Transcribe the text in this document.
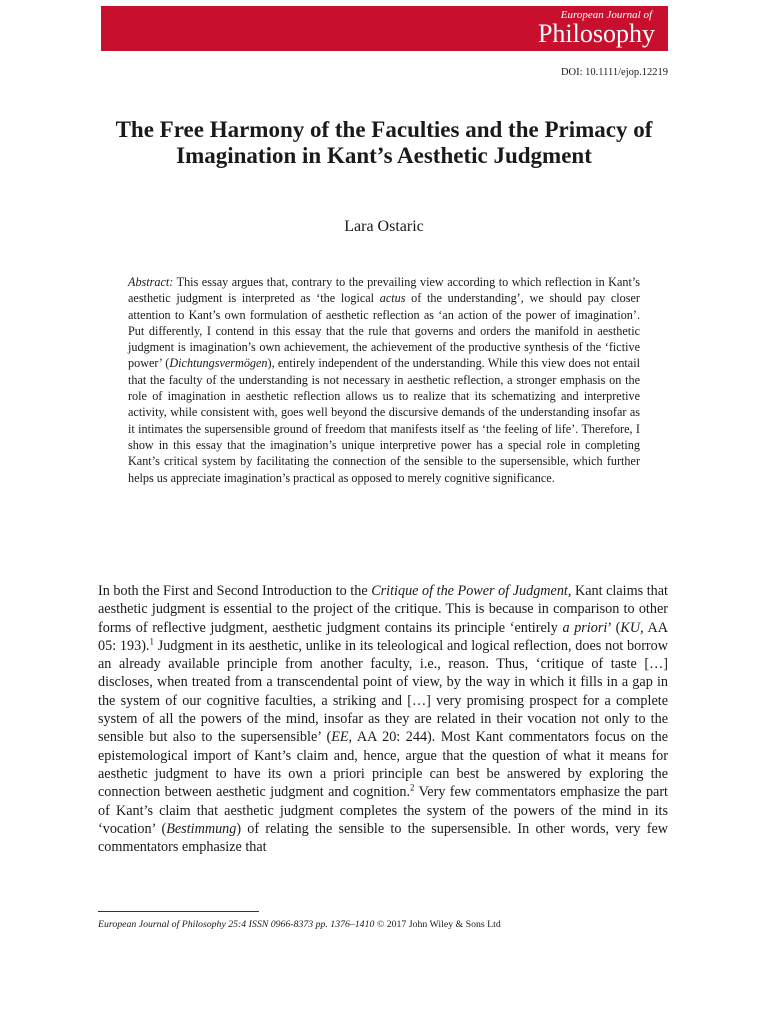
European Journal of
Philosophy
DOI: 10.1111/ejop.12219
The Free Harmony of the Faculties and the Primacy of Imagination in Kant’s Aesthetic Judgment
Lara Ostaric

Abstract: This essay argues that, contrary to the prevailing view according to which reflection in Kant’s aesthetic judgment is interpreted as ‘the logical actus of the understanding’, we should pay closer attention to Kant’s own formulation of aesthetic reflection as ‘an action of the power of imagination’. Put differently, I contend in this essay that the rule that governs and orders the manifold in aesthetic judgment is imagination’s own achievement, the achievement of the productive synthesis of the ‘fictive power’ (Dichtungsvermögen), entirely independent of the understanding. While this view does not entail that the faculty of the understanding is not necessary in aesthetic reflection, a stronger emphasis on the role of imagination in aesthetic reflection allows us to realize that its schematizing and interpretive activity, while consistent with, goes well beyond the discursive demands of the understanding insofar as it intimates the supersensible ground of freedom that manifests itself as ‘the feeling of life’. Therefore, I show in this essay that the imagination’s unique interpretive power has a special role in completing Kant’s critical system by facilitating the connection of the sensible to the supersensible, which further helps us appreciate imagination’s practical as opposed to merely cognitive significance.

In both the First and Second Introduction to the Critique of the Power of Judgment, Kant claims that aesthetic judgment is essential to the project of the critique. This is because in comparison to other forms of reflective judgment, aesthetic judgment contains its principle ‘entirely a priori’ (KU, AA 05: 193).$^1$ Judgment in its aesthetic, unlike in its teleological and logical reflection, does not borrow an already available principle from another faculty, i.e., reason. Thus, ‘critique of taste […] discloses, when treated from a transcendental point of view, by the way in which it fills in a gap in the system of our cognitive faculties, a striking and […] very promising prospect for a complete system of all the powers of the mind, insofar as they are related in their vocation not only to the sensible but also to the supersensible’ (EE, AA 20: 244). Most Kant commentators focus on the epistemological import of Kant’s claim and, hence, argue that the question of what it means for aesthetic judgment to have its own a priori principle can best be answered by exploring the connection between aesthetic judgment and cognition.$^2$ Very few commentators emphasize the part of Kant’s claim that aesthetic judgment completes the system of the powers of the mind in its ‘vocation’ (Bestimmung) of relating the sensible to the supersensible. In other words, very few commentators emphasize that

European Journal of Philosophy 25:4 ISSN 0966-8373 pp. 1376–1410 © 2017 John Wiley & Sons Ltd
